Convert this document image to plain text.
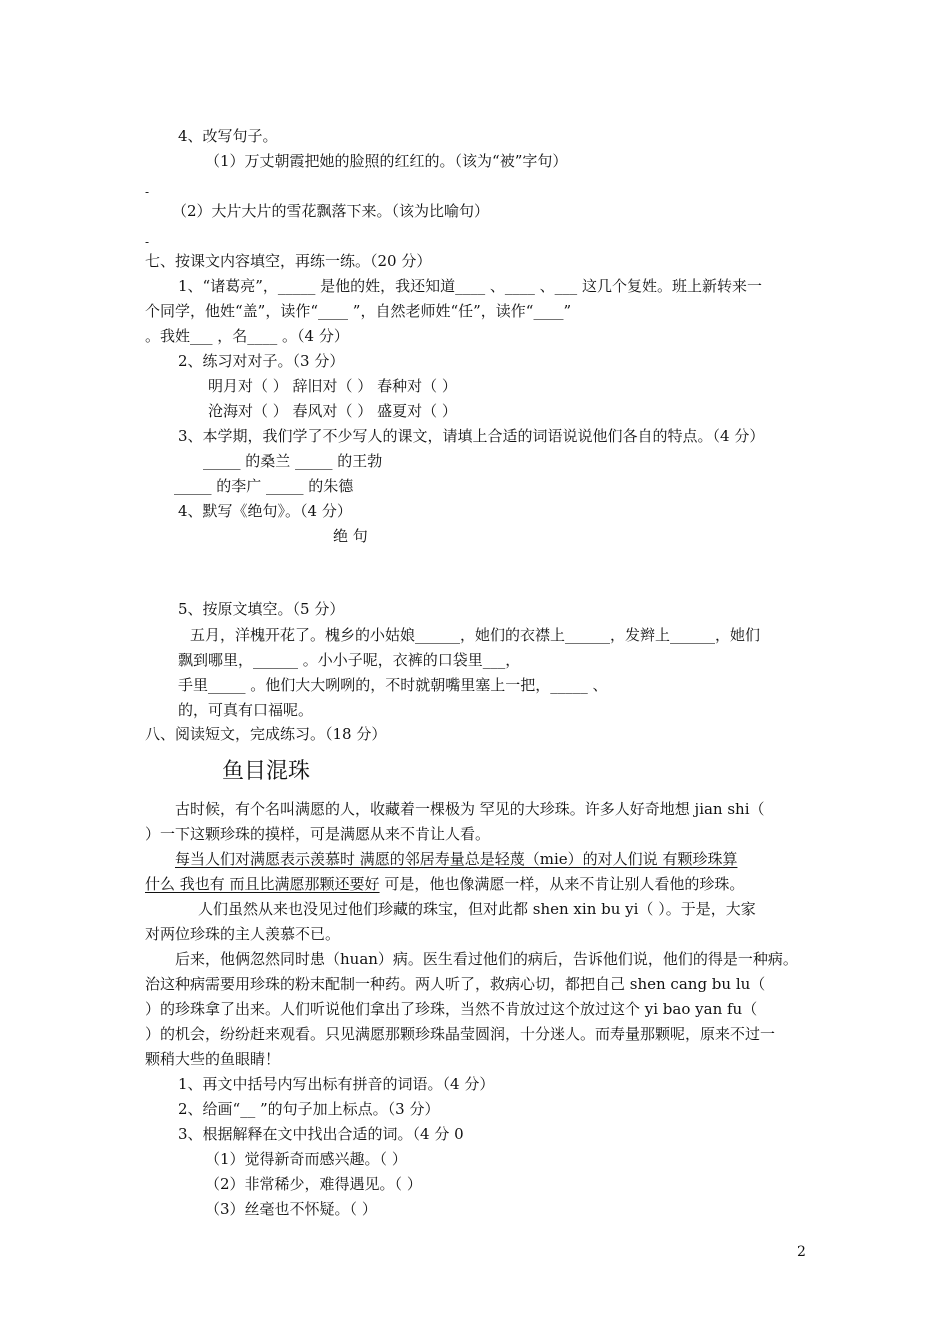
4、改写句子。
（1）万丈朝霞把她的脸照的红红的。（该为“被”字句）
-
（2）大片大片的雪花飘落下来。（该为比喻句）
-
七、按课文内容填空，再练一练。（20 分）
1、“诸葛亮”，_____ 是他的姓，我还知道____ 、____ 、___ 这几个复姓。班上新转来一
个同学，他姓“盖”，读作“____ ”，自然老师姓“任”，读作“____”
。我姓___ ，名____ 。（4 分）
2、练习对对子。（3 分）
明月对（ ） 辞旧对（ ） 春种对（ ）
沧海对（ ） 春风对（ ） 盛夏对（ ）
3、本学期，我们学了不少写人的课文，请填上合适的词语说说他们各自的特点。（4 分）
_____ 的桑兰 _____ 的王勃
_____ 的李广 _____ 的朱德
4、默写《绝句》。（4 分）
绝 句
5、按原文填空。（5 分）
五月，洋槐开花了。槐乡的小姑娘______，她们的衣襟上______，发辫上______，她们
飘到哪里，______ 。小小子呢，衣裤的口袋里___，
手里_____ 。他们大大咧咧的，不时就朝嘴里塞上一把，_____ 、
的，可真有口福呢。
八、阅读短文，完成练习。（18 分）
鱼目混珠
古时候，有个名叫满愿的人，收藏着一棵极为 罕见的大珍珠。许多人好奇地想 jian shi（
）一下这颗珍珠的摸样，可是满愿从来不肯让人看。
每当人们对满愿表示羡慕时 满愿的邻居寿量总是轻蔑（mie）的对人们说 有颗珍珠算
什么 我也有 而且比满愿那颗还要好 可是，他也像满愿一样，从来不肯让别人看他的珍珠。
人们虽然从来也没见过他们珍藏的珠宝，但对此都 shen xin bu yi（ ）。于是，大家
对两位珍珠的主人羡慕不已。
后来，他俩忽然同时患（huan）病。医生看过他们的病后，告诉他们说，他们的得是一种病。
治这种病需要用珍珠的粉末配制一种药。两人听了，救病心切，都把自己 shen cang bu lu（
）的珍珠拿了出来。人们听说他们拿出了珍珠，当然不肯放过这个放过这个 yi bao yan fu（
）的机会，纷纷赶来观看。只见满愿那颗珍珠晶莹圆润，十分迷人。而寿量那颗呢，原来不过一
颗稍大些的鱼眼睛！
1、再文中括号内写出标有拼音的词语。（4 分）
2、给画“__ ”的句子加上标点。（3 分）
3、根据解释在文中找出合适的词。（4 分 0
（1）觉得新奇而感兴趣。（ ）
（2）非常稀少，难得遇见。（ ）
（3）丝毫也不怀疑。（ ）
2
